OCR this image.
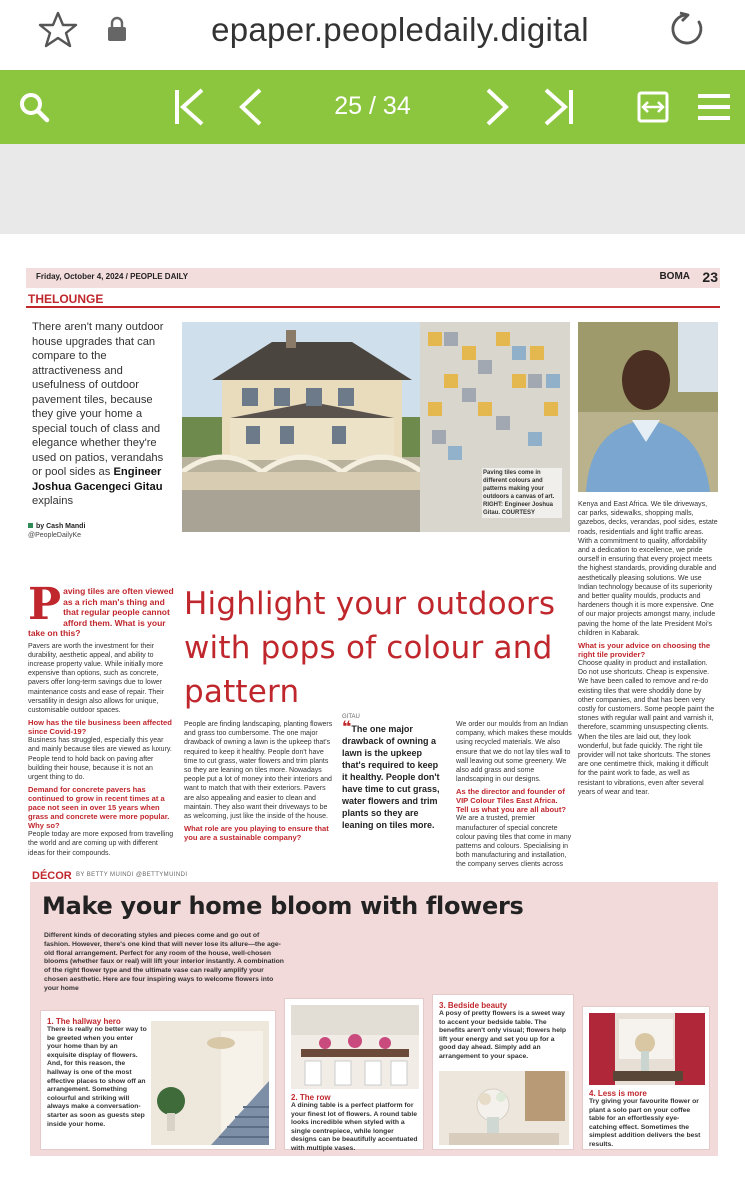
epaper.peopledaily.digital
25 / 34
Friday, October 4, 2024 / PEOPLE DAILY	BOMA 23
THELOUNGE
There aren't many outdoor house upgrades that can compare to the attractiveness and usefulness of outdoor pavement tiles, because they give your home a special touch of class and elegance whether they're used on patios, verandahs or pool sides as Engineer Joshua Gacengeci Gitau explains
by Cash Mandi
@PeopleDailyKe
Paving tiles come in different colours and patterns making your outdoors a canvas of art. RIGHT: Engineer Joshua Gitau. COURTESY
Highlight your outdoors with pops of colour and pattern
Paving tiles are often viewed as a rich man's thing and that regular people cannot afford them. What is your take on this?

Pavers are worth the investment for their durability, aesthetic appeal, and ability to increase property value. While initially more expensive than options, such as concrete, pavers offer long-term savings due to lower maintenance costs and ease of repair. Their versatility in design also allows for unique, customisable outdoor spaces.

How has the tile business been affected since Covid-19?

Business has struggled, especially this year and mainly because tiles are viewed as luxury. People tend to hold back on paving after building their house, because it is not an urgent thing to do.

Demand for concrete pavers has continued to grow in recent times at a pace not seen in over 15 years when grass and concrete were more popular. Why so?

People today are more exposed from travelling the world and are coming up with different ideas for their compounds.

People are finding landscaping, planting flowers and grass too cumbersome. The one major drawback of owning a lawn is the upkeep that's required to keep it healthy. People don't have time to cut grass, water flowers and trim plants so they are leaning on tiles more. Nowadays people put a lot of money into their interiors and want to match that with their exteriors. Pavers are also appealing and easier to clean and maintain. They also want their driveways to be as welcoming, just like the inside of the house.

What role are you playing to ensure that you are a sustainable company?
GITAU
❝The one major drawback of owning a lawn is the upkeep that's required to keep it healthy. People don't have time to cut grass, water flowers and trim plants so they are leaning on tiles more.

We order our moulds from an Indian company, which makes these moulds using recycled materials. We also ensure that we do not lay tiles wall to wall leaving out some greenery. We also add grass and some landscaping in our designs.

As the director and founder of VIP Colour Tiles East Africa. Tell us what you are all about?

We are a trusted, premier manufacturer of special concrete colour paving tiles that come in many patterns and colours. Specialising in both manufacturing and installation, the company serves clients across

Kenya and East Africa. We tile driveways, car parks, sidewalks, shopping malls, gazebos, decks, verandas, pool sides, estate roads, residentials and light traffic areas. With a commitment to quality, affordability and a dedication to excellence, we pride ourself in ensuring that every project meets the highest standards, providing durable and aesthetically pleasing solutions. We use Indian technology because of its superiority and better quality moulds, products and hardeners though it is more expensive. One of our major projects amongst many, include paving the home of the late President Moi's children in Kabarak.

What is your advice on choosing the right tile provider?

Choose quality in product and installation. Do not use shortcuts. Cheap is expensive. We have been called to remove and re-do existing tiles that were shoddily done by other companies, and that has been very costly for customers. Some people paint the stones with regular wall paint and varnish it, therefore, scamming unsuspecting clients. When the tiles are laid out, they look wonderful, but fade quickly. The right tile provider will not take shortcuts. The stones are one centimetre thick, making it difficult for the paint work to fade, as well as resistant to vibrations, even after several years of wear and tear.

DÉCOR BY BETTY MUINDI @BETTYMUINDI
Make your home bloom with flowers
Different kinds of decorating styles and pieces come and go out of fashion. However, there's one kind that will never lose its allure—the age-old floral arrangement. Perfect for any room of the house, well-chosen blooms (whether faux or real) will lift your interior instantly. A combination of the right flower type and the ultimate vase can really amplify your chosen aesthetic. Here are four inspiring ways to welcome flowers into your home
1. The hallway hero
There is really no better way to be greeted when you enter your home than by an exquisite display of flowers. And, for this reason, the hallway is one of the most effective places to show off an arrangement. Something colourful and striking will always make a conversation-starter as soon as guests step inside your home.
2. The row
A dining table is a perfect platform for your finest lot of flowers. A round table looks incredible when styled with a single centrepiece, while longer designs can be beautifully accentuated with multiple vases.
3. Bedside beauty
A posy of pretty flowers is a sweet way to accent your bedside table. The benefits aren't only visual; flowers help lift your energy and set you up for a good day ahead. Simply add an arrangement to your space.
4. Less is more
Try giving your favourite flower or plant a solo part on your coffee table for an effortlessly eye-catching effect. Sometimes the simplest addition delivers the best results.
